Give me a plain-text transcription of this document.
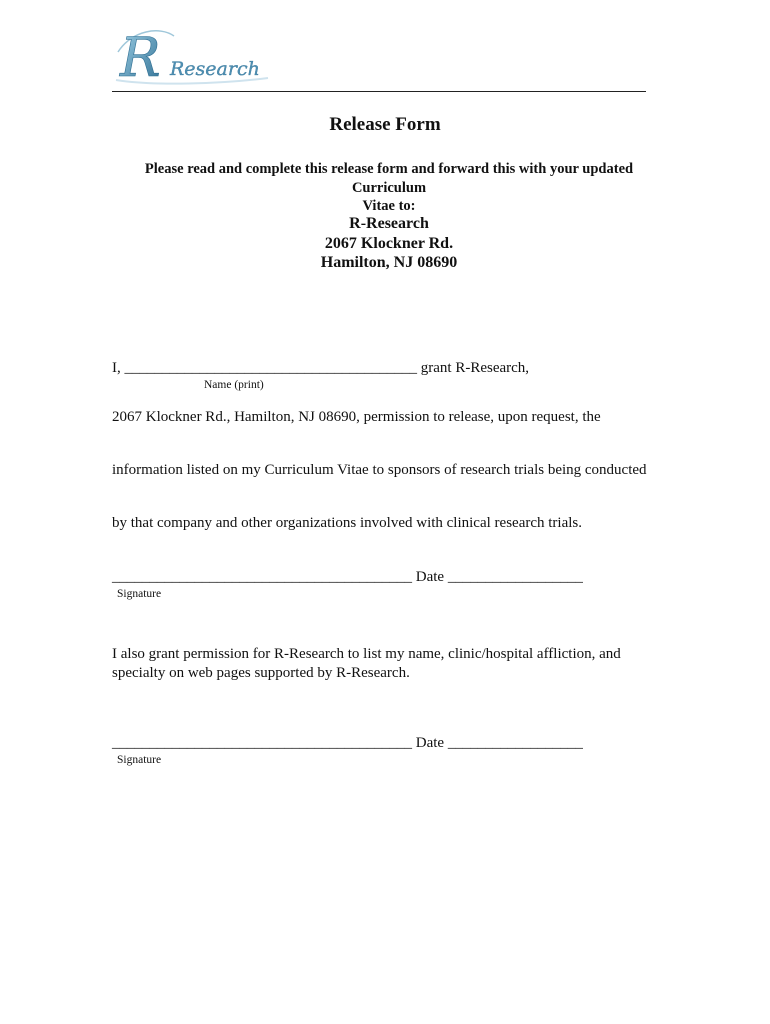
R Research
Release Form
Please read and complete this release form and forward this with your updated
Curriculum
Vitae to:
R-Research
2067 Klockner Rd.
Hamilton, NJ 08690
I, _______________________________________ grant R-Research,
Name (print)
2067 Klockner Rd., Hamilton, NJ 08690, permission to release, upon request, the
information listed on my Curriculum Vitae to sponsors of research trials being conducted
by that company and other organizations involved with clinical research trials.
________________________________________ Date __________________
Signature
I also grant permission for R-Research to list my name, clinic/hospital affliction, and
specialty on web pages supported by R-Research.
________________________________________ Date __________________
Signature
